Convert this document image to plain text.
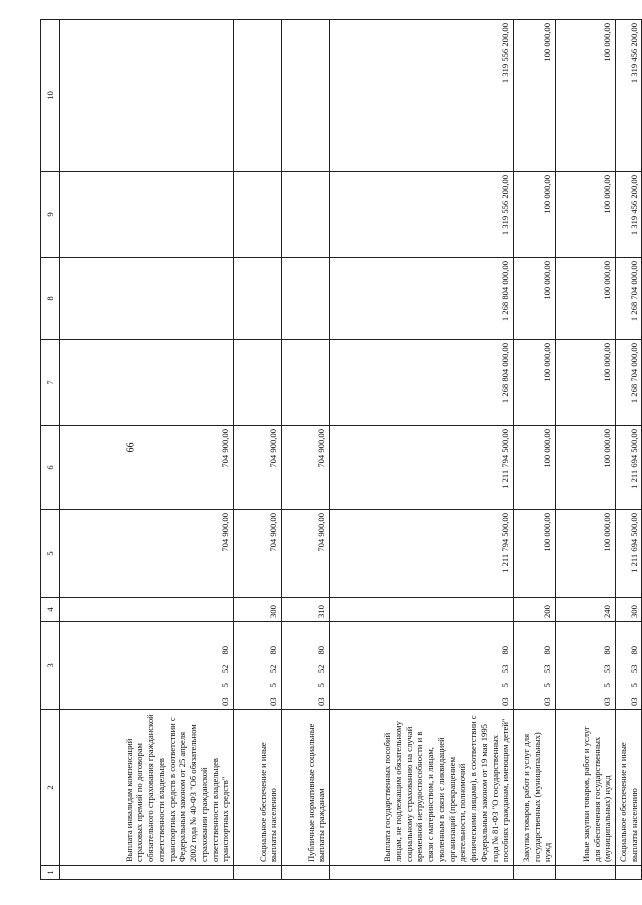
66
1	2	3	4	5	6	7	8	9	10
	Выплата инвалидам компенсаций страховых премий по договорам обязательного страхования гражданской ответственности владельцев транспортных средств в соответствии с Федеральным законом от 25 апреля 2002 года № 40-ФЗ "Об обязательном страховании гражданской ответственности владельцев транспортных средств"	0355280		704 900,00	704 900,00				
	Социальное обеспечение и иные выплаты населению	0355280	300	704 900,00	704 900,00				
	Публичные нормативные социальные выплаты гражданам	0355280	310	704 900,00	704 900,00				
	Выплата государственных пособий лицам, не подлежащим обязательному социальному страхованию на случай временной нетрудоспособности и в связи с материнством, и лицам, уволенным в связи с ликвидацией организаций (прекращением деятельности, полномочий физическими лицами), в соответствии с Федеральным законом от 19 мая 1995 года № 81-ФЗ "О государственных пособиях гражданам, имеющим детей"	0355380		1 211 794 500,00	1 211 794 500,00	1 268 804 000,00	1 268 804 000,00	1 319 556 200,00	1 319 556 200,00
	Закупка товаров, работ и услуг для государственных (муниципальных) нужд	0355380	200	100 000,00	100 000,00	100 000,00	100 000,00	100 000,00	100 000,00
	Иные закупки товаров, работ и услуг для обеспечения государственных (муниципальных) нужд	0355380	240	100 000,00	100 000,00	100 000,00	100 000,00	100 000,00	100 000,00
	Социальное обеспечение и иные выплаты населению	0355380	300	1 211 694 500,00	1 211 694 500,00	1 268 704 000,00	1 268 704 000,00	1 319 456 200,00	1 319 456 200,00
